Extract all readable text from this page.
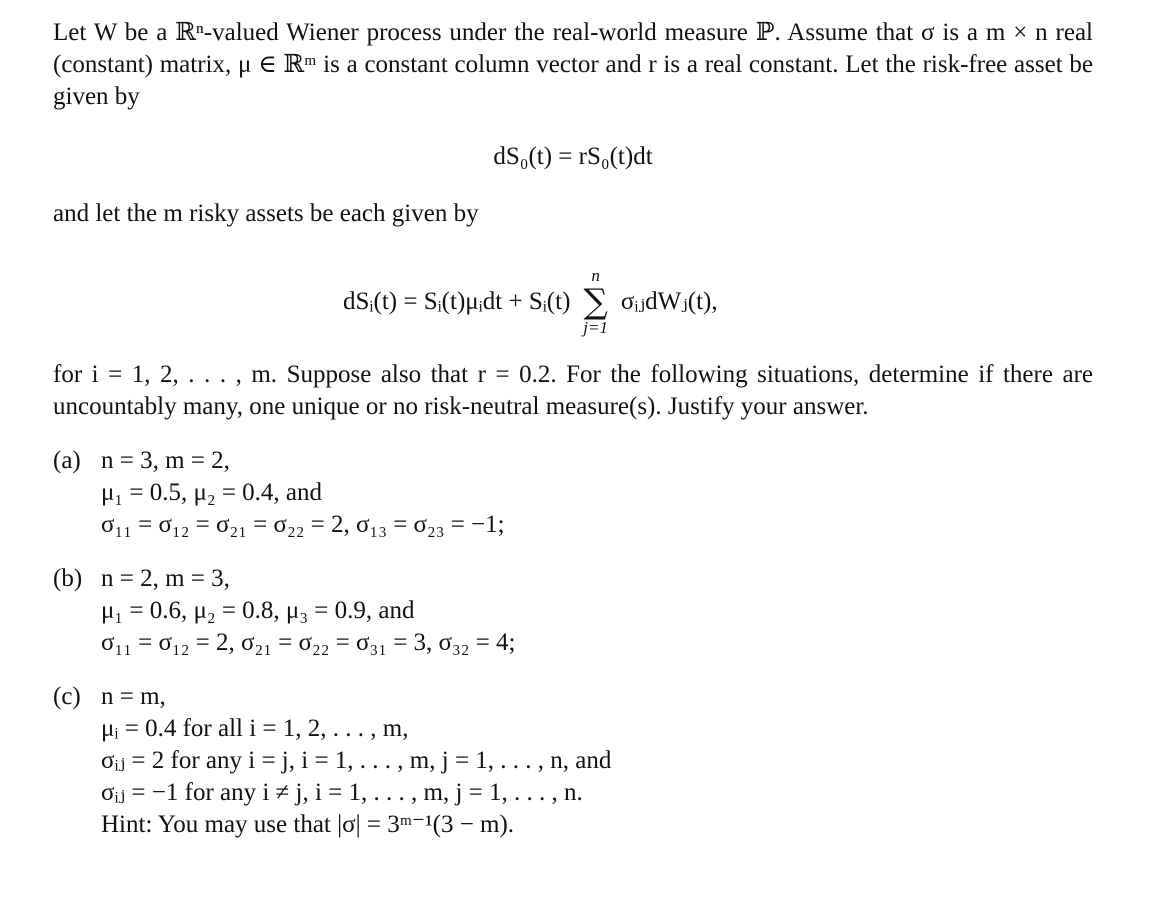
Let W be a ℝⁿ-valued Wiener process under the real-world measure ℙ. Assume that σ is a m × n real (constant) matrix, μ ∈ ℝᵐ is a constant column vector and r is a real constant. Let the risk-free asset be given by
dS₀(t) = rS₀(t)dt
and let the m risky assets be each given by
dSᵢ(t) = Sᵢ(t)μᵢdt + Sᵢ(t)
n
∑
j=1
σᵢⱼdWⱼ(t),
for i = 1, 2, . . . , m. Suppose also that r = 0.2. For the following situations, determine if there are uncountably many, one unique or no risk-neutral measure(s). Justify your answer.
(a) n = 3, m = 2,
μ₁ = 0.5, μ₂ = 0.4, and
σ₁₁ = σ₁₂ = σ₂₁ = σ₂₂ = 2, σ₁₃ = σ₂₃ = −1;
(b) n = 2, m = 3,
μ₁ = 0.6, μ₂ = 0.8, μ₃ = 0.9, and
σ₁₁ = σ₁₂ = 2, σ₂₁ = σ₂₂ = σ₃₁ = 3, σ₃₂ = 4;
(c) n = m,
μᵢ = 0.4 for all i = 1, 2, . . . , m,
σᵢⱼ = 2 for any i = j, i = 1, . . . , m, j = 1, . . . , n, and
σᵢⱼ = −1 for any i ≠ j, i = 1, . . . , m, j = 1, . . . , n.
Hint: You may use that |σ| = 3ᵐ⁻¹(3 − m).
